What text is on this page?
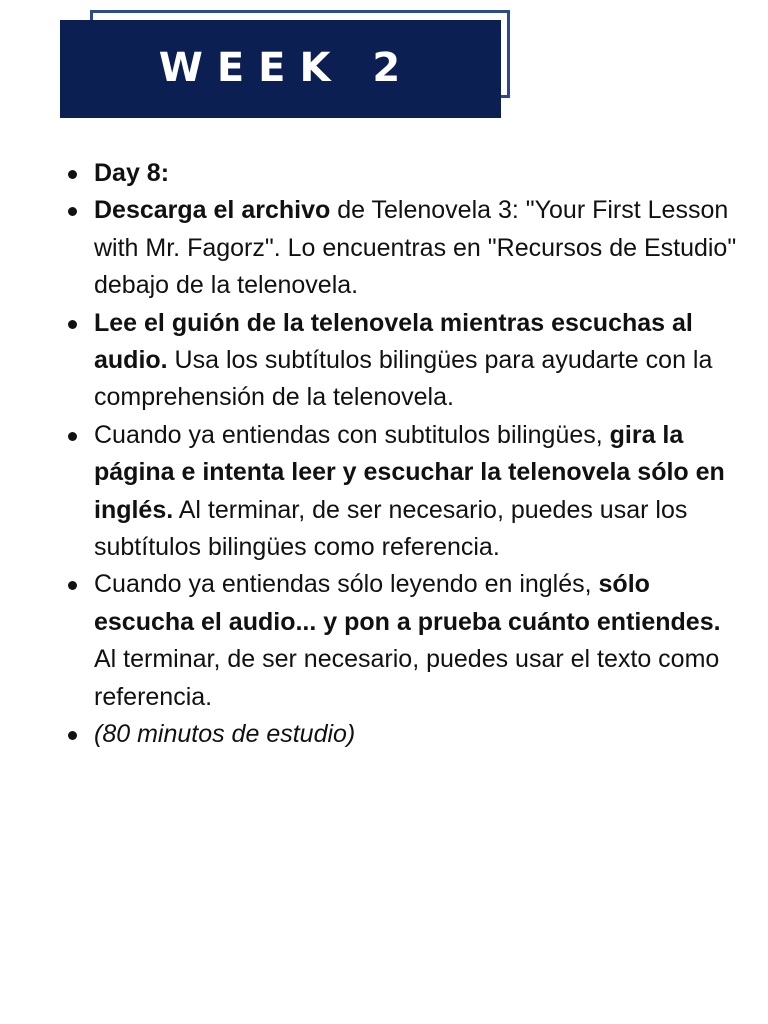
WEEK 2
Day 8:
Descarga el archivo de Telenovela 3: "Your First Lesson with Mr. Fagorz". Lo encuentras en "Recursos de Estudio" debajo de la telenovela.
Lee el guión de la telenovela mientras escuchas al audio. Usa los subtítulos bilingües para ayudarte con la comprehensión de la telenovela.
Cuando ya entiendas con subtitulos bilingües, gira la página e intenta leer y escuchar la telenovela sólo en inglés. Al terminar, de ser necesario, puedes usar los subtítulos bilingües como referencia.
Cuando ya entiendas sólo leyendo en inglés, sólo escucha el audio... y pon a prueba cuánto entiendes. Al terminar, de ser necesario, puedes usar el texto como referencia.
(80 minutos de estudio)
